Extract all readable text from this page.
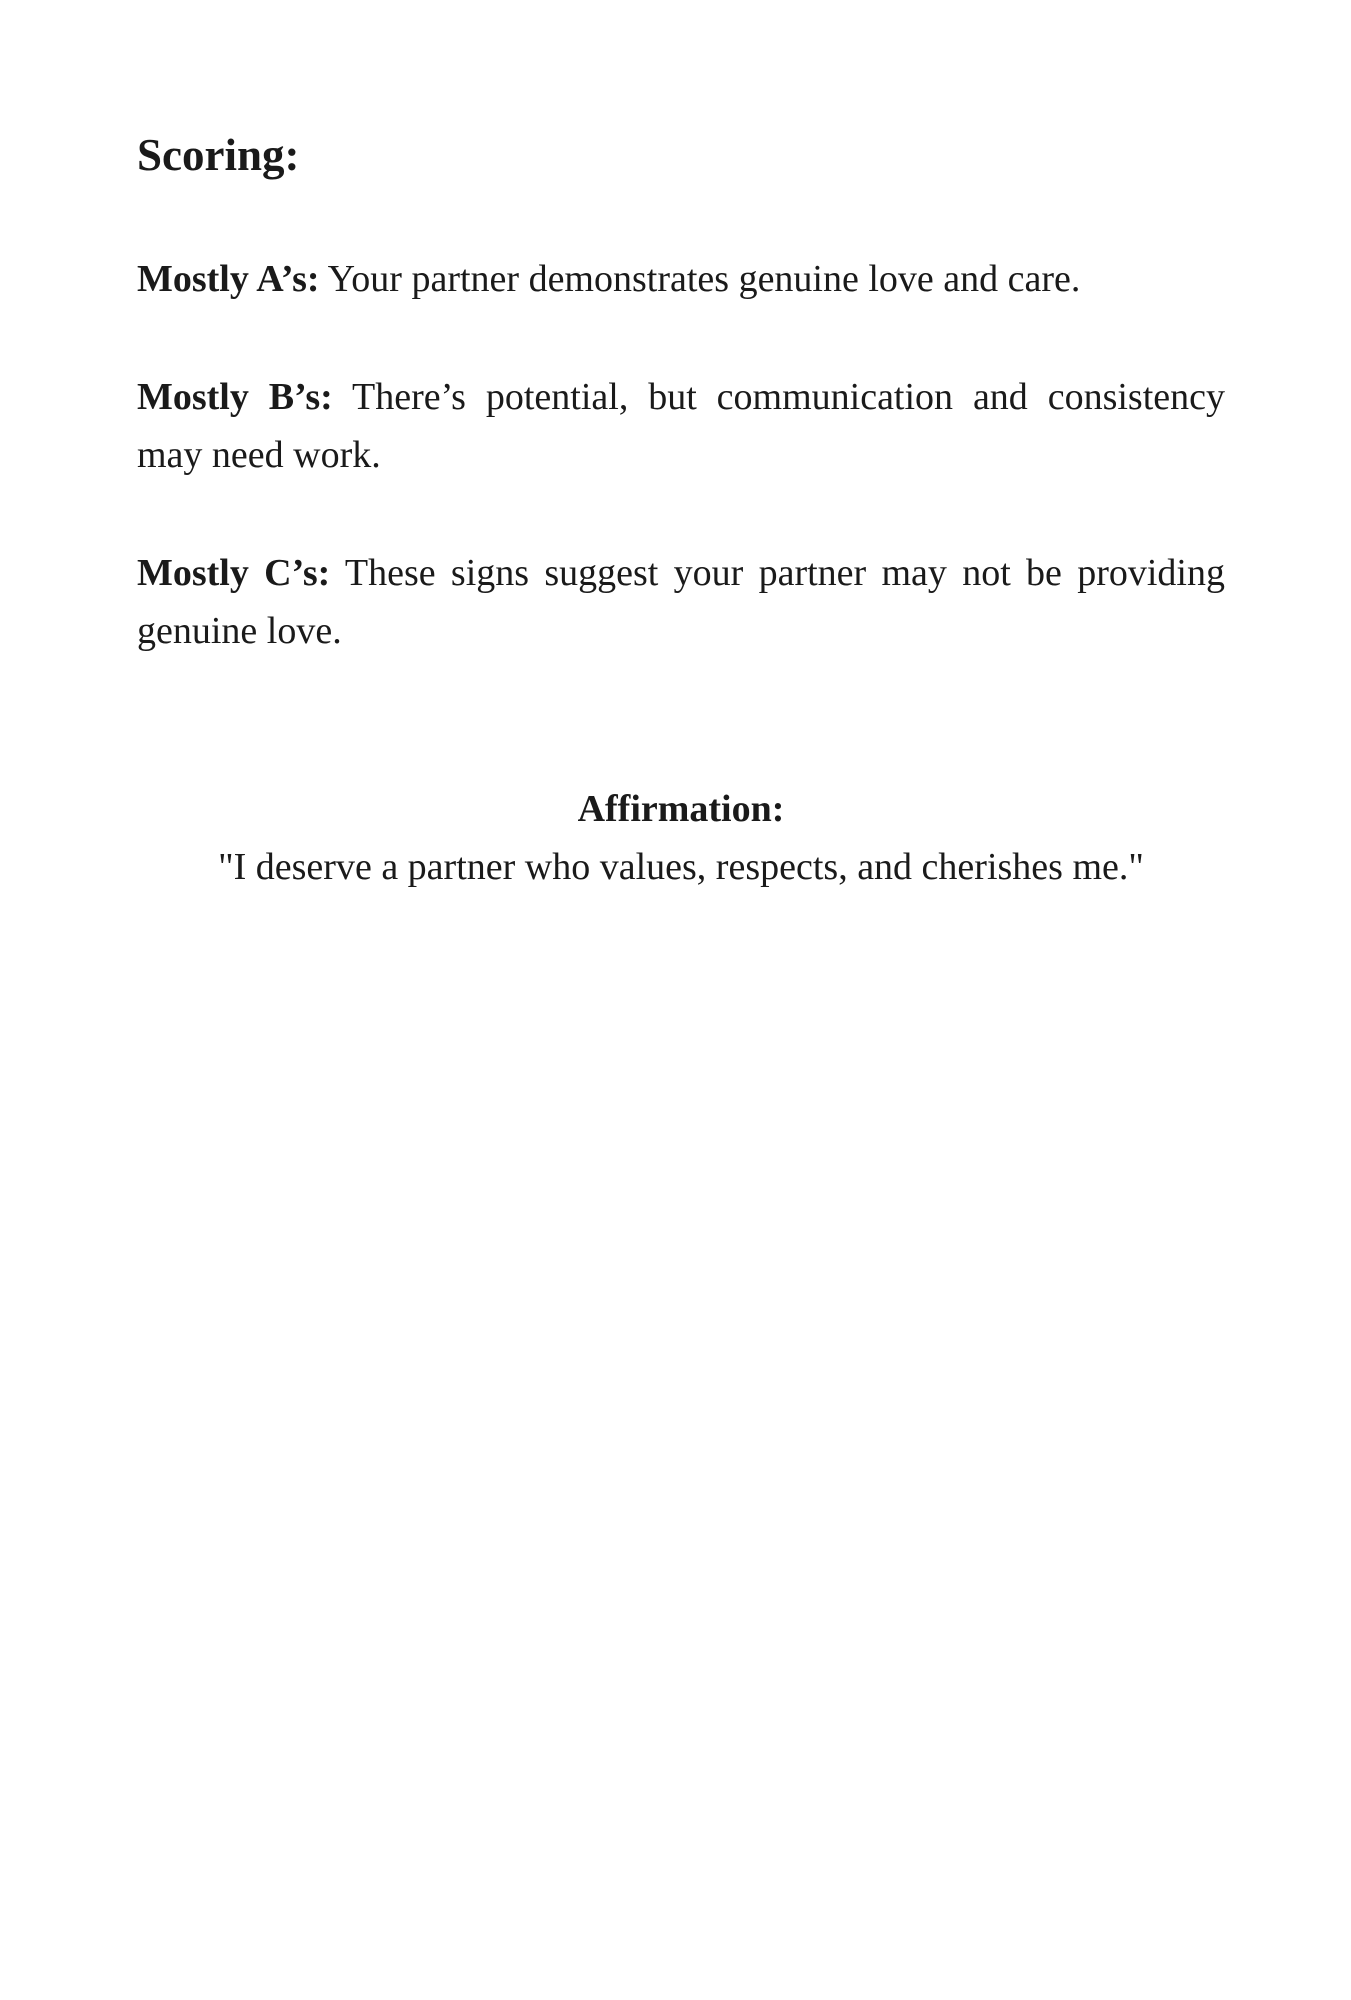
Scoring:

Mostly A’s: Your partner demonstrates genuine love and care.

Mostly B’s: There’s potential, but communication and consistency may need work.

Mostly C’s: These signs suggest your partner may not be providing genuine love.

Affirmation:

"I deserve a partner who values, respects, and cherishes me."
